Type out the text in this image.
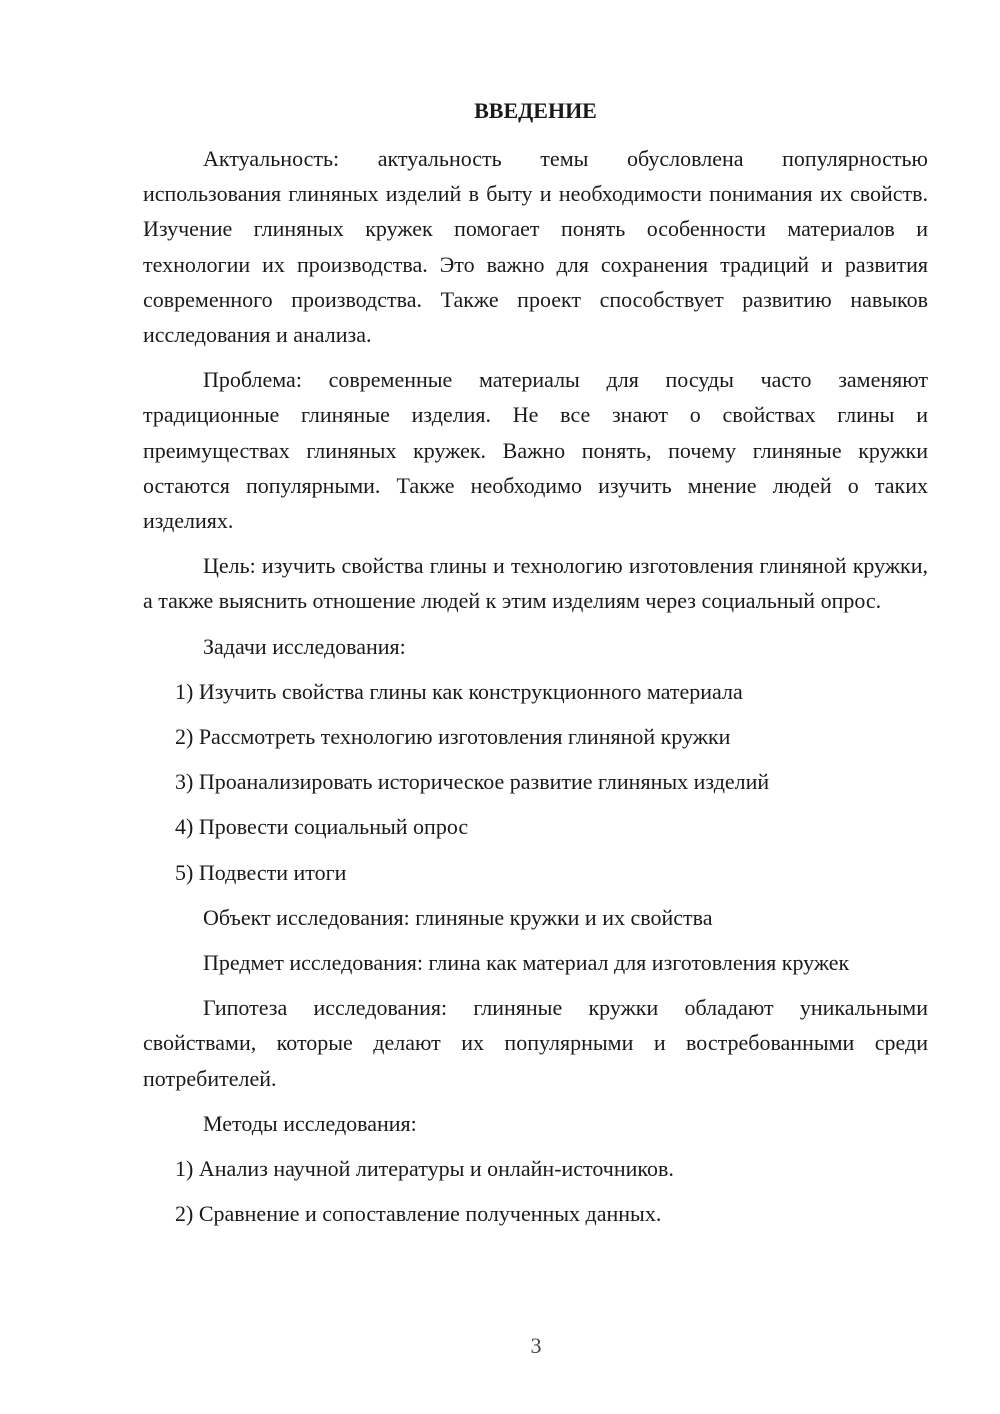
ВВЕДЕНИЕ

Актуальность: актуальность темы обусловлена популярностью использования глиняных изделий в быту и необходимости понимания их свойств. Изучение глиняных кружек помогает понять особенности материалов и технологии их производства. Это важно для сохранения традиций и развития современного производства. Также проект способствует развитию навыков исследования и анализа.

Проблема: современные материалы для посуды часто заменяют традиционные глиняные изделия. Не все знают о свойствах глины и преимуществах глиняных кружек. Важно понять, почему глиняные кружки остаются популярными. Также необходимо изучить мнение людей о таких изделиях.

Цель: изучить свойства глины и технологию изготовления глиняной кружки, а также выяснить отношение людей к этим изделиям через социальный опрос.

Задачи исследования:

1) Изучить свойства глины как конструкционного материала

2) Рассмотреть технологию изготовления глиняной кружки

3) Проанализировать историческое развитие глиняных изделий

4) Провести социальный опрос

5) Подвести итоги

Объект исследования: глиняные кружки и их свойства

Предмет исследования: глина как материал для изготовления кружек

Гипотеза исследования: глиняные кружки обладают уникальными свойствами, которые делают их популярными и востребованными среди потребителей.

Методы исследования:

1) Анализ научной литературы и онлайн-источников.

2) Сравнение и сопоставление полученных данных.

3
